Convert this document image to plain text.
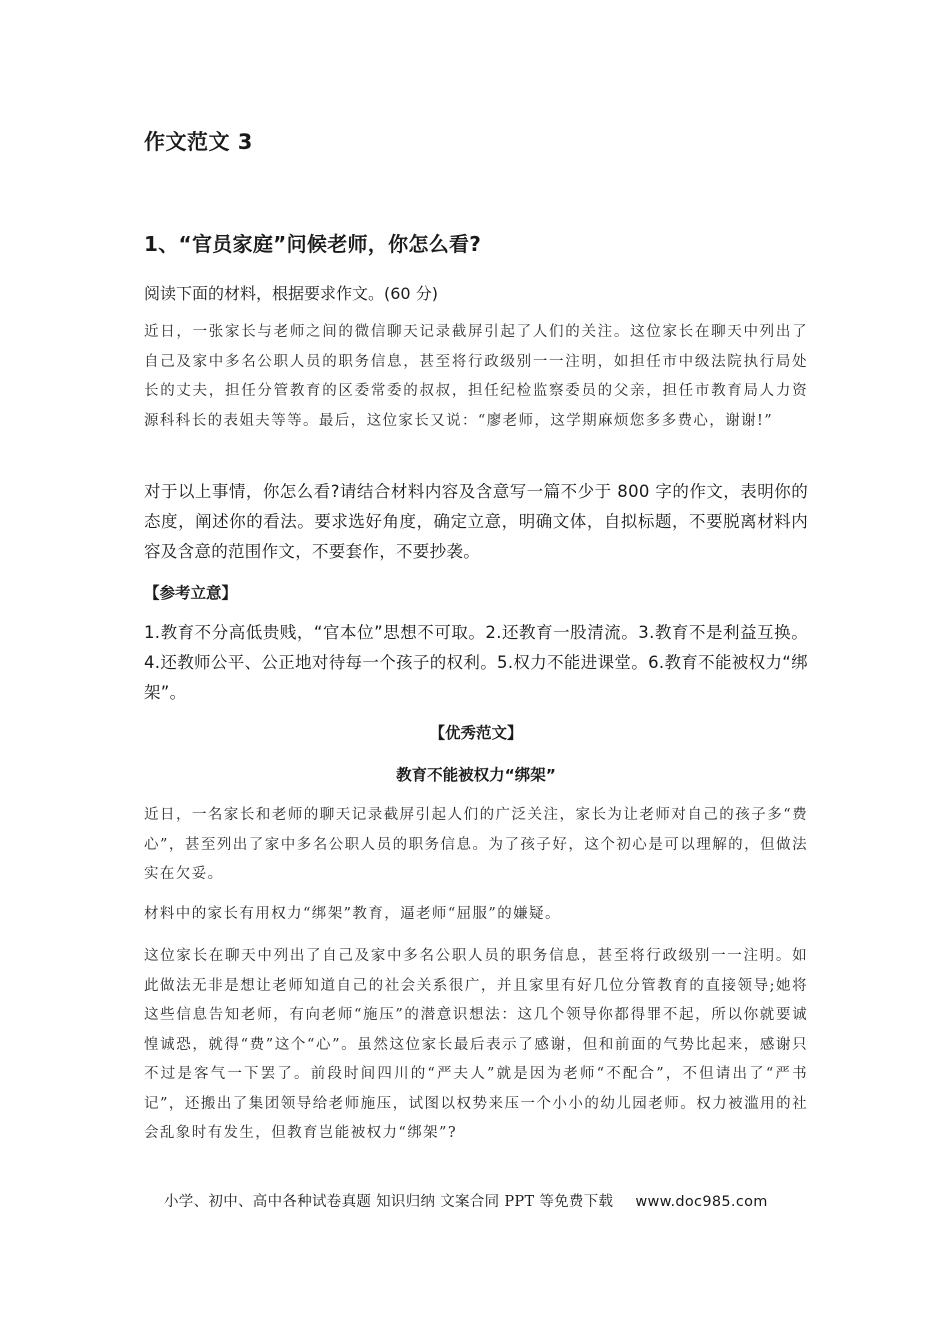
作文范文 3
1、“官员家庭”问候老师，你怎么看?
阅读下面的材料，根据要求作文。(60 分)

近日，一张家长与老师之间的微信聊天记录截屏引起了人们的关注。这位家长在聊天中列出了自己及家中多名公职人员的职务信息，甚至将行政级别一一注明，如担任市中级法院执行局处长的丈夫，担任分管教育的区委常委的叔叔，担任纪检监察委员的父亲，担任市教育局人力资源科科长的表姐夫等等。最后，这位家长又说：“廖老师，这学期麻烦您多多费心，谢谢!”

对于以上事情，你怎么看?请结合材料内容及含意写一篇不少于 800 字的作文，表明你的态度，阐述你的看法。要求选好角度，确定立意，明确文体，自拟标题，不要脱离材料内容及含意的范围作文，不要套作，不要抄袭。

【参考立意】

1.教育不分高低贵贱，“官本位”思想不可取。2.还教育一股清流。3.教育不是利益互换。4.还教师公平、公正地对待每一个孩子的权利。5.权力不能进课堂。6.教育不能被权力“绑架”。

【优秀范文】
教育不能被权力“绑架”

近日，一名家长和老师的聊天记录截屏引起人们的广泛关注，家长为让老师对自己的孩子多“费心”，甚至列出了家中多名公职人员的职务信息。为了孩子好，这个初心是可以理解的，但做法实在欠妥。

材料中的家长有用权力“绑架”教育，逼老师“屈服”的嫌疑。

这位家长在聊天中列出了自己及家中多名公职人员的职务信息，甚至将行政级别一一注明。如此做法无非是想让老师知道自己的社会关系很广，并且家里有好几位分管教育的直接领导;她将这些信息告知老师，有向老师“施压”的潜意识想法：这几个领导你都得罪不起，所以你就要诚惶诚恐，就得“费”这个“心”。虽然这位家长最后表示了感谢，但和前面的气势比起来，感谢只不过是客气一下罢了。前段时间四川的“严夫人”就是因为老师“不配合”，不但请出了“严书记”，还搬出了集团领导给老师施压，试图以权势来压一个小小的幼儿园老师。权力被滥用的社会乱象时有发生，但教育岂能被权力“绑架”?

小学、初中、高中各种试卷真题 知识归纳 文案合同 PPT 等免费下载 www.doc985.com
